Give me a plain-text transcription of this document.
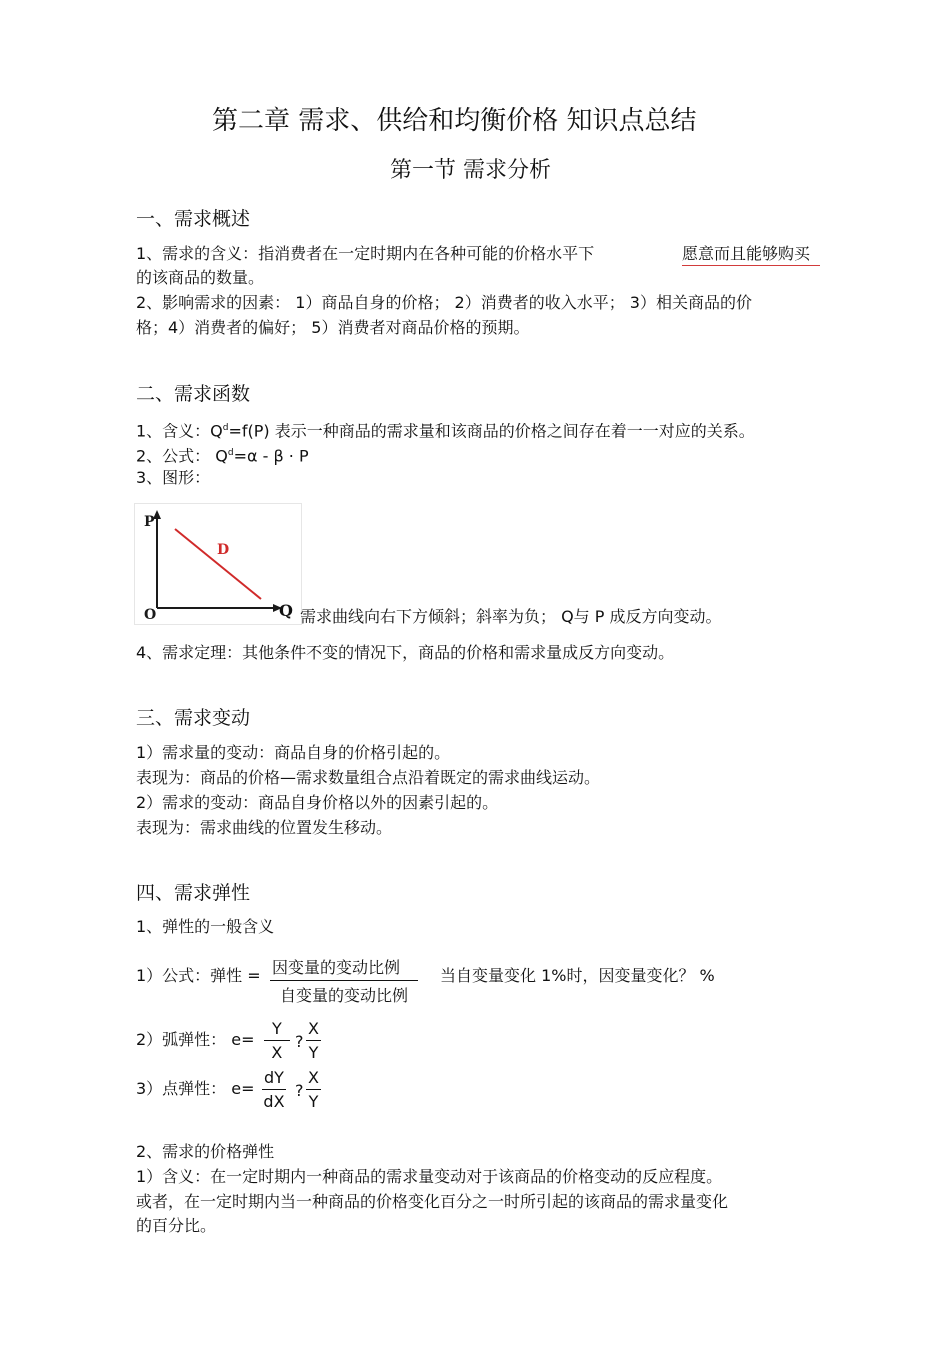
第二章 需求、供给和均衡价格 知识点总结
第一节 需求分析
一、需求概述
1、需求的含义：指消费者在一定时期内在各种可能的价格水平下	愿意而且能够购买
的该商品的数量。
2、影响需求的因素： 1）商品自身的价格； 2）消费者的收入水平； 3）相关商品的价
格；4）消费者的偏好； 5）消费者对商品价格的预期。
二、需求函数
1、含义：$Q^d=f(P)$ 表示一种商品的需求量和该商品的价格之间存在着一一对应的关系。
2、公式： $Q^d=\alpha - \beta \cdot P$
3、图形：
P
O
D
Q 需求曲线向右下方倾斜；斜率为负； Q与 P 成反方向变动。
4、需求定理：其他条件不变的情况下，商品的价格和需求量成反方向变动。
三、需求变动
1）需求量的变动：商品自身的价格引起的。
表现为：商品的价格—需求数量组合点沿着既定的需求曲线运动。
2）需求的变动：商品自身价格以外的因素引起的。
表现为：需求曲线的位置发生移动。
四、需求弹性
1、弹性的一般含义
1）公式：弹性 = 因变量的变动比例
自变量的变动比例
当自变量变化 1%时，因变量变化？ %
2）弧弹性： $e= \frac{Y}{X}$ ? $\frac{X}{Y}$
3）点弹性： $e= \frac{dY}{dX}$ ? $\frac{X}{Y}$
2、需求的价格弹性
1）含义：在一定时期内一种商品的需求量变动对于该商品的价格变动的反应程度。
或者，在一定时期内当一种商品的价格变化百分之一时所引起的该商品的需求量变化
的百分比。
